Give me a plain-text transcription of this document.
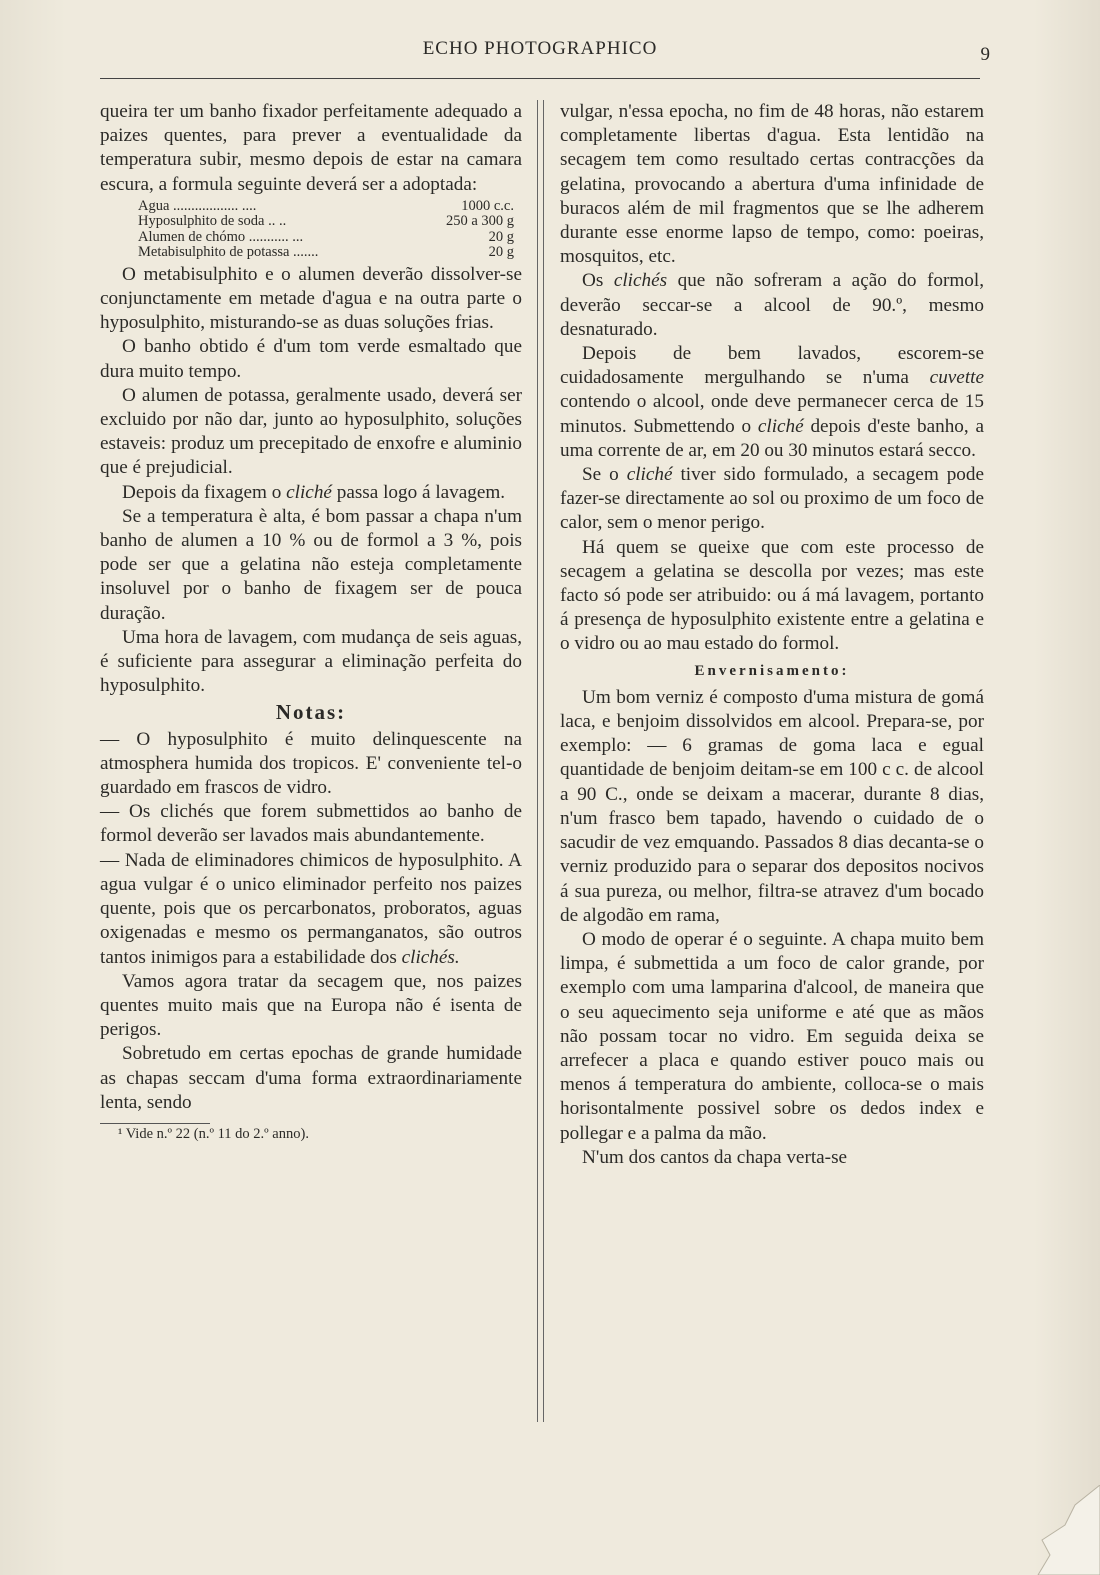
ECHO PHOTOGRAPHICO	9

queira ter um banho fixador perfeitamente adequado a paizes quentes, para prever a eventualidade da temperatura subir, mesmo depois de estar na camara escura, a formula seguinte deverá ser a adoptada:

Agua .................. ....	1000 c.c.
Hyposulphito de soda .. ..	250 a 300 g
Alumen de chómo ........... ...	20 g
Metabisulphito de potassa .......	20 g

O metabisulphito e o alumen deverão dissolver-se conjunctamente em metade d'agua e na outra parte o hyposulphito, misturando-se as duas soluções frias.

O banho obtido é d'um tom verde esmaltado que dura muito tempo.

O alumen de potassa, geralmente usado, deverá ser excluido por não dar, junto ao hyposulphito, soluções estaveis: produz um precepitado de enxofre e aluminio que é prejudicial.

Depois da fixagem o cliché passa logo á lavagem.

Se a temperatura è alta, é bom passar a chapa n'um banho de alumen a 10 % ou de formol a 3 %, pois pode ser que a gelatina não esteja completamente insoluvel por o banho de fixagem ser de pouca duração.

Uma hora de lavagem, com mudança de seis aguas, é suficiente para assegurar a eliminação perfeita do hyposulphito.

Notas:

— O hyposulphito é muito delinquescente na atmosphera humida dos tropicos. E' conveniente tel-o guardado em frascos de vidro.

— Os clichés que forem submettidos ao banho de formol deverão ser lavados mais abundantemente.

— Nada de eliminadores chimicos de hyposulphito. A agua vulgar é o unico eliminador perfeito nos paizes quente, pois que os percarbonatos, proboratos, aguas oxigenadas e mesmo os permanganatos, são outros tantos inimigos para a estabilidade dos clichés.

Vamos agora tratar da secagem que, nos paizes quentes muito mais que na Europa não é isenta de perigos.

Sobretudo em certas epochas de grande humidade as chapas seccam d'uma forma extraordinariamente lenta, sendo

¹ Vide n.º 22 (n.º 11 do 2.º anno).

vulgar, n'essa epocha, no fim de 48 horas, não estarem completamente libertas d'agua. Esta lentidão na secagem tem como resultado certas contracções da gelatina, provocando a abertura d'uma infinidade de buracos além de mil fragmentos que se lhe adherem durante esse enorme lapso de tempo, como: poeiras, mosquitos, etc.

Os clichés que não sofreram a ação do formol, deverão seccar-se a alcool de 90.º, mesmo desnaturado.

Depois de bem lavados, escorem-se cuidadosamente mergulhando se n'uma cuvette contendo o alcool, onde deve permanecer cerca de 15 minutos. Submettendo o cliché depois d'este banho, a uma corrente de ar, em 20 ou 30 minutos estará secco.

Se o cliché tiver sido formulado, a secagem pode fazer-se directamente ao sol ou proximo de um foco de calor, sem o menor perigo.

Há quem se queixe que com este processo de secagem a gelatina se descolla por vezes; mas este facto só pode ser atribuido: ou á má lavagem, portanto á presença de hyposulphito existente entre a gelatina e o vidro ou ao mau estado do formol.

Envernisamento:

Um bom verniz é composto d'uma mistura de gomá laca, e benjoim dissolvidos em alcool. Prepara-se, por exemplo: — 6 gramas de goma laca e egual quantidade de benjoim deitam-se em 100 c c. de alcool a 90 C., onde se deixam a macerar, durante 8 dias, n'um frasco bem tapado, havendo o cuidado de o sacudir de vez emquando. Passados 8 dias decanta-se o verniz produzido para o separar dos depositos nocivos á sua pureza, ou melhor, filtra-se atravez d'um bocado de algodão em rama,

O modo de operar é o seguinte. A chapa muito bem limpa, é submettida a um foco de calor grande, por exemplo com uma lamparina d'alcool, de maneira que o seu aquecimento seja uniforme e até que as mãos não possam tocar no vidro. Em seguida deixa se arrefecer a placa e quando estiver pouco mais ou menos á temperatura do ambiente, colloca-se o mais horisontalmente possivel sobre os dedos index e pollegar e a palma da mão.

N'um dos cantos da chapa verta-se
